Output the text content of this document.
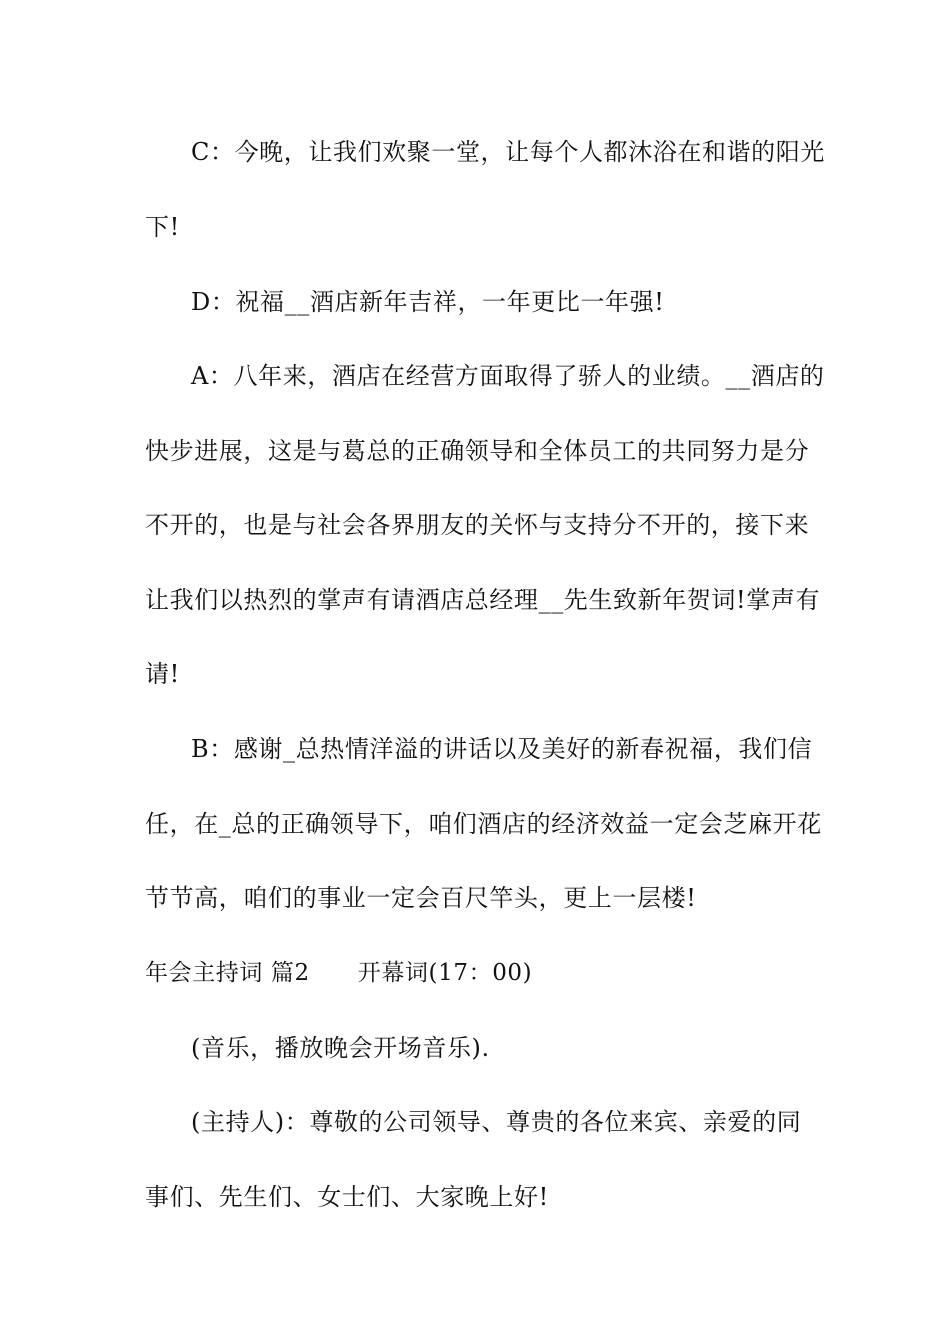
C：今晚，让我们欢聚一堂，让每个人都沐浴在和谐的阳光
下!
D：祝福__酒店新年吉祥，一年更比一年强!
A：八年来，酒店在经营方面取得了骄人的业绩。__酒店的
快步进展，这是与葛总的正确领导和全体员工的共同努力是分
不开的，也是与社会各界朋友的关怀与支持分不开的，接下来
让我们以热烈的掌声有请酒店总经理__先生致新年贺词!掌声有
请!
B：感谢_总热情洋溢的讲话以及美好的新春祝福，我们信
任，在_总的正确领导下，咱们酒店的经济效益一定会芝麻开花
节节高，咱们的事业一定会百尺竿头，更上一层楼!
年会主持词 篇2 开幕词(17：00)
(音乐，播放晚会开场音乐).
(主持人)：尊敬的公司领导、尊贵的各位来宾、亲爱的同
事们、先生们、女士们、大家晚上好!
